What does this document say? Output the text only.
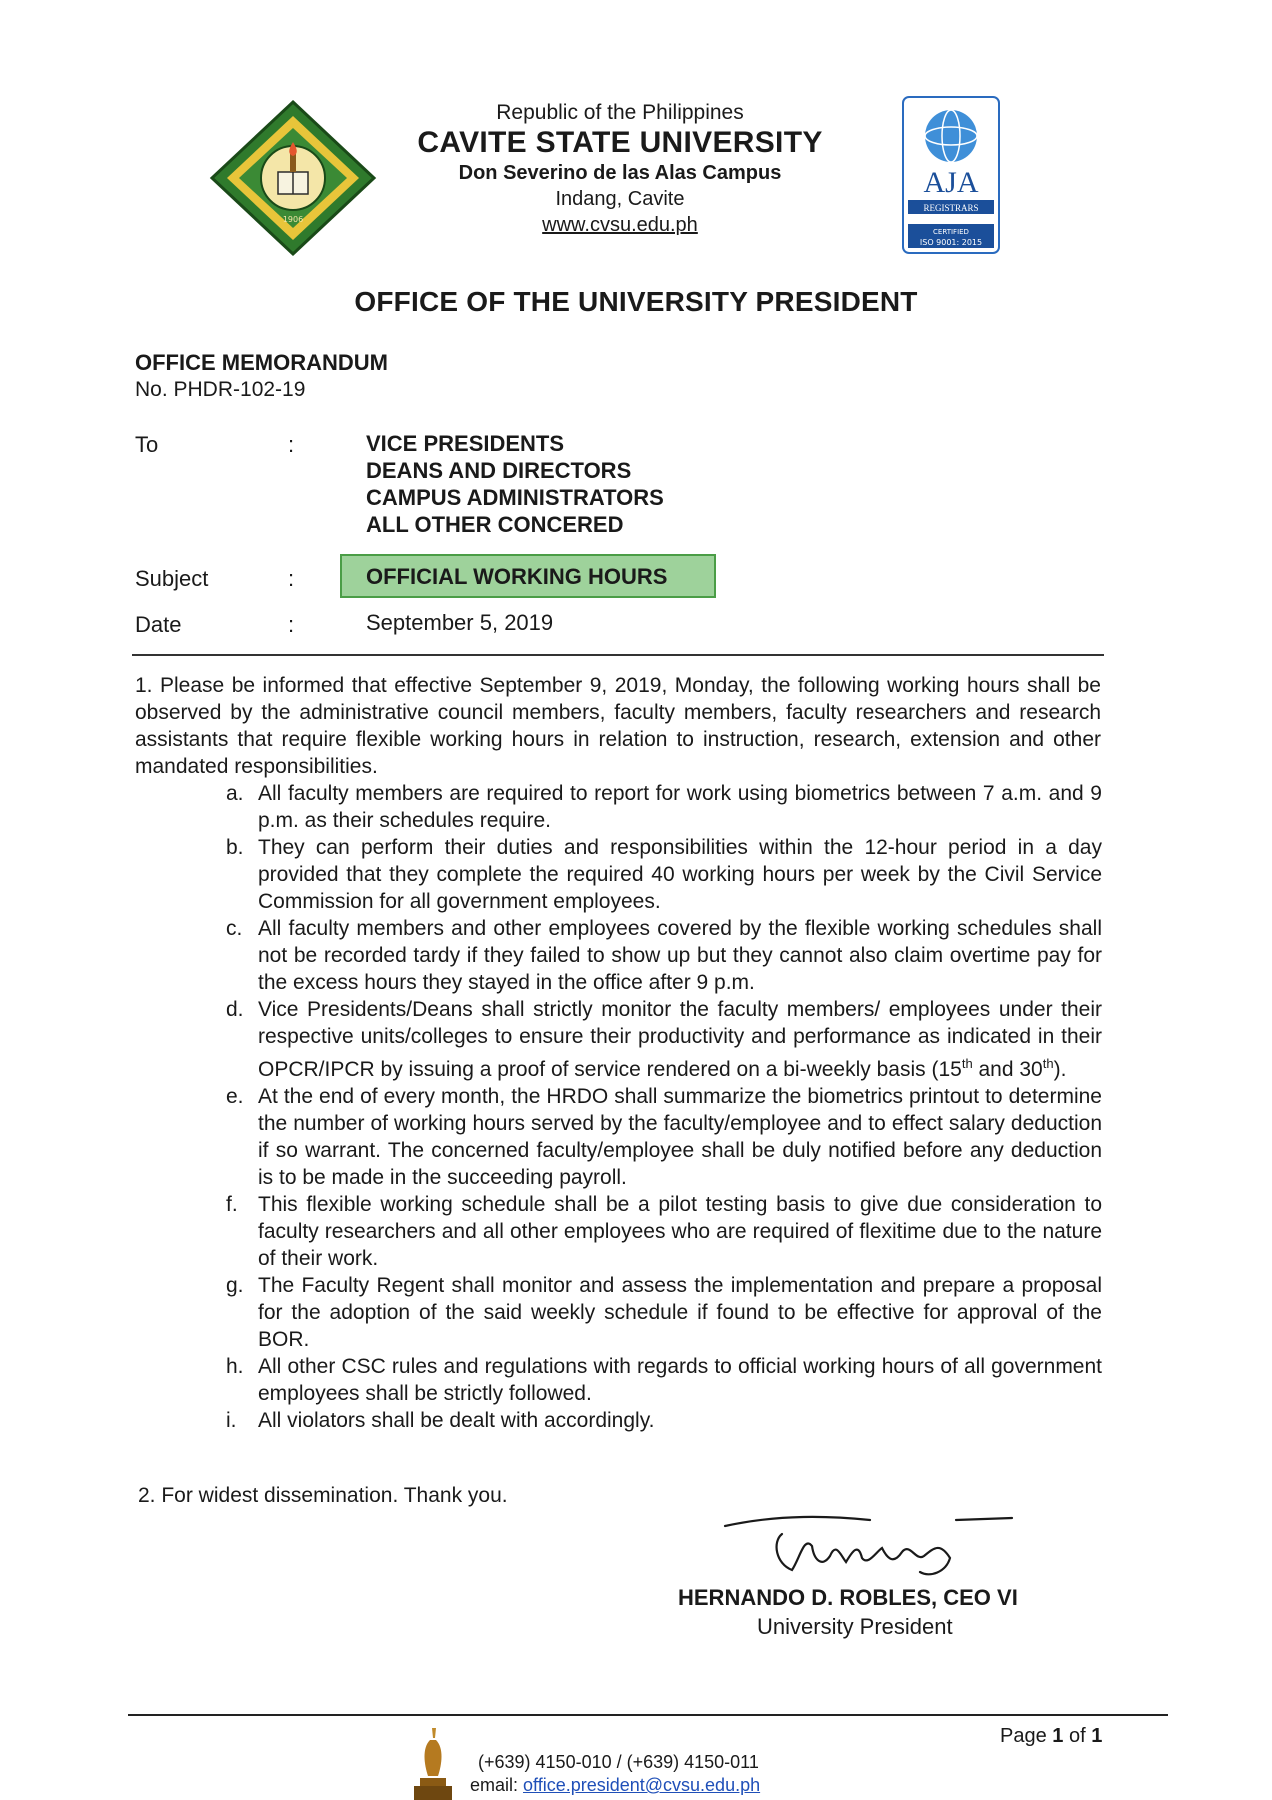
1906
AJA
REGISTRARS
CERTIFIED
ISO 9001: 2015
Republic of the Philippines
CAVITE STATE UNIVERSITY
Don Severino de las Alas Campus
Indang, Cavite
www.cvsu.edu.ph
OFFICE OF THE UNIVERSITY PRESIDENT
OFFICE MEMORANDUM
No. PHDR-102-19
To	:	VICE PRESIDENTS
DEANS AND DIRECTORS
CAMPUS ADMINISTRATORS
ALL OTHER CONCERED
Subject	:	OFFICIAL WORKING HOURS
Date	:	September 5, 2019
1. Please be informed that effective September 9, 2019, Monday, the following working hours shall be observed by the administrative council members, faculty members, faculty researchers and research assistants that require flexible working hours in relation to instruction, research, extension and other mandated responsibilities.
a. All faculty members are required to report for work using biometrics between 7 a.m. and 9 p.m. as their schedules require.
b. They can perform their duties and responsibilities within the 12-hour period in a day provided that they complete the required 40 working hours per week by the Civil Service Commission for all government employees.
c. All faculty members and other employees covered by the flexible working schedules shall not be recorded tardy if they failed to show up but they cannot also claim overtime pay for the excess hours they stayed in the office after 9 p.m.
d. Vice Presidents/Deans shall strictly monitor the faculty members/ employees under their respective units/colleges to ensure their productivity and performance as indicated in their OPCR/IPCR by issuing a proof of service rendered on a bi-weekly basis (15th and 30th).
e. At the end of every month, the HRDO shall summarize the biometrics printout to determine the number of working hours served by the faculty/employee and to effect salary deduction if so warrant. The concerned faculty/employee shall be duly notified before any deduction is to be made in the succeeding payroll.
f. This flexible working schedule shall be a pilot testing basis to give due consideration to faculty researchers and all other employees who are required of flexitime due to the nature of their work.
g. The Faculty Regent shall monitor and assess the implementation and prepare a proposal for the adoption of the said weekly schedule if found to be effective for approval of the BOR.
h. All other CSC rules and regulations with regards to official working hours of all government employees shall be strictly followed.
i.	All violators shall be dealt with accordingly.
2. For widest dissemination. Thank you.
HERNANDO D. ROBLES, CEO VI
University President
Page 1 of 1
(+639) 4150-010 / (+639) 4150-011
email: office.president@cvsu.edu.ph
